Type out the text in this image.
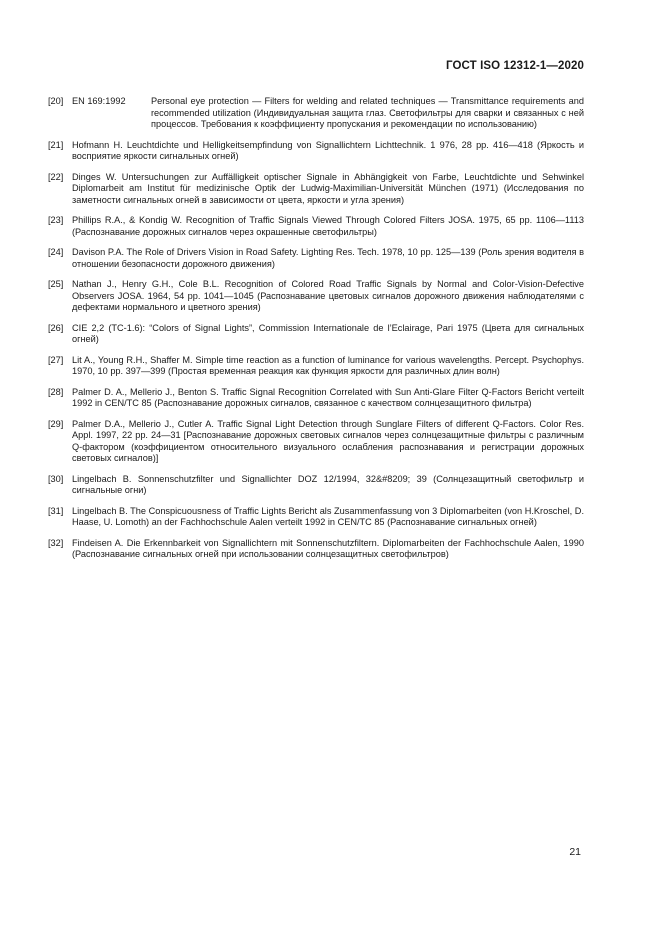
ГОСТ ISO 12312-1—2020
[20] EN 169:1992	Personal eye protection — Filters for welding and related techniques — Transmittance requirements and recommended utilization (Индивидуальная защита глаз. Светофильтры для сварки и связанных с ней процессов. Требования к коэффициенту пропускания и рекомендации по использованию)
[21] Hofmann H. Leuchtdichte und Helligkeitsempfindung von Signallichtern Lichttechnik. 1 976, 28 pp. 416—418 (Яркость и восприятие яркости сигнальных огней)
[22] Dinges W. Untersuchungen zur Auffälligkeit optischer Signale in Abhängigkeit von Farbe, Leuchtdichte und Sehwinkel Diplomarbeit am Institut für medizinische Optik der Ludwig-Maximilian-Universität München (1971) (Исследования по заметности сигнальных огней в зависимости от цвета, яркости и угла зрения)
[23] Phillips R.A., & Kondig W. Recognition of Traffic Signals Viewed Through Colored Filters JOSA. 1975, 65 pp. 1106—1113 (Распознавание дорожных сигналов через окрашенные светофильтры)
[24] Davison P.A. The Role of Drivers Vision in Road Safety. Lighting Res. Tech. 1978, 10 pp. 125—139 (Роль зрения водителя в отношении безопасности дорожного движения)
[25] Nathan J., Henry G.H., Cole B.L. Recognition of Colored Road Traffic Signals by Normal and Color-Vision-Defective Observers JOSA. 1964, 54 pp. 1041—1045 (Распознавание цветовых сигналов дорожного движения наблюдателями с дефектами нормального и цветного зрения)
[26] CIE 2,2 (TC-1.6): “Colors of Signal Lights”, Commission Internationale de l’Eclairage, Pari 1975 (Цвета для сигнальных огней)
[27] Lit A., Young R.H., Shaffer M. Simple time reaction as a function of luminance for various wavelengths. Percept. Psychophys. 1970, 10 pp. 397—399 (Простая временная реакция как функция яркости для различных длин волн)
[28] Palmer D. A., Mellerio J., Benton S. Traffic Signal Recognition Correlated with Sun Anti-Glare Filter Q-Factors Bericht verteilt 1992 in CEN/TC 85 (Распознавание дорожных сигналов, связанное с качеством солнцезащитного фильтра)
[29] Palmer D.A., Mellerio J., Cutler A. Traffic Signal Light Detection through Sunglare Filters of different Q-Factors. Color Res. Appl. 1997, 22 pp. 24—31 [Распознавание дорожных световых сигналов через солнцезащитные фильтры с различным Q-фактором (коэффициентом относительного визуального ослабления распознавания и регистрации дорожных световых сигналов)]
[30] Lingelbach B. Sonnenschutzfilter und Signallichter DOZ 12/1994, 32&#8209; 39 (Солнцезащитный светофильтр и сигнальные огни)
[31] Lingelbach B. The Conspicuousness of Traffic Lights Bericht als Zusammenfassung von 3 Diplomarbeiten (von H.Kroschel, D. Haase, U. Lomoth) an der Fachhochschule Aalen verteilt 1992 in CEN/TC 85 (Распознавание сигнальных огней)
[32] Findeisen A. Die Erkennbarkeit von Signallichtern mit Sonnenschutzfiltern. Diplomarbeiten der Fachhochschule Aalen, 1990 (Распознавание сигнальных огней при использовании солнцезащитных светофильтров)
21
